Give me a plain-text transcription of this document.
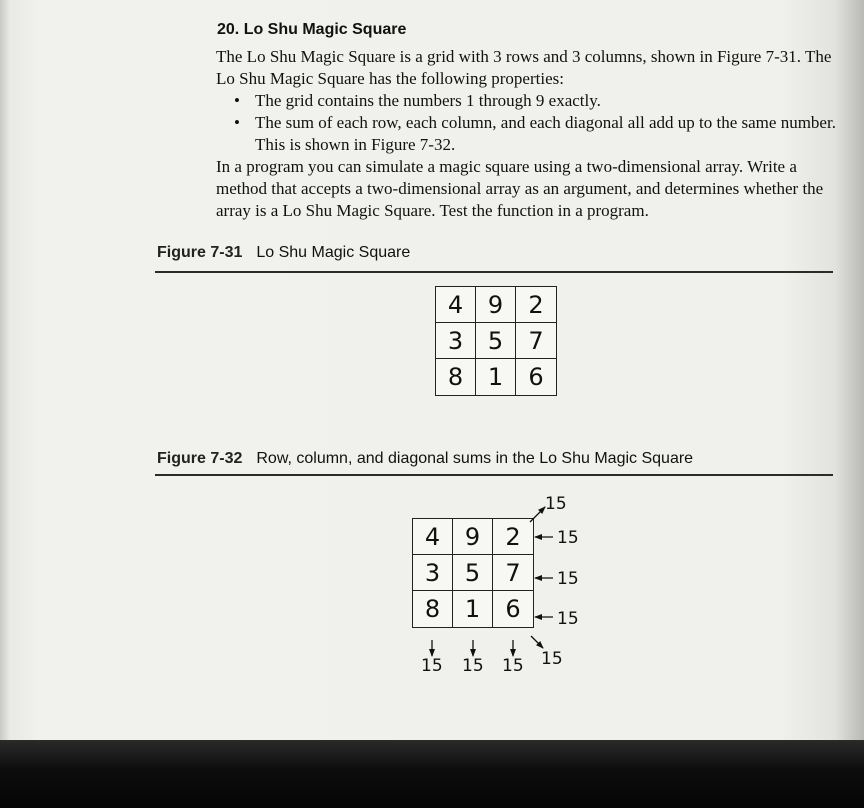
20. Lo Shu Magic Square

The Lo Shu Magic Square is a grid with 3 rows and 3 columns, shown in Figure 7-31. The Lo Shu Magic Square has the following properties:

• The grid contains the numbers 1 through 9 exactly.
• The sum of each row, each column, and each diagonal all add up to the same number. This is shown in Figure 7-32.

In a program you can simulate a magic square using a two-dimensional array. Write a method that accepts a two-dimensional array as an argument, and determines whether the array is a Lo Shu Magic Square. Test the function in a program.

Figure 7-31 Lo Shu Magic Square
4	9	2
3	5	7
8	1	6
Figure 7-32 Row, column, and diagonal sums in the Lo Shu Magic Square
4	9	2
3	5	7
8	1	6
15
15
15
15
15
15 15 15
